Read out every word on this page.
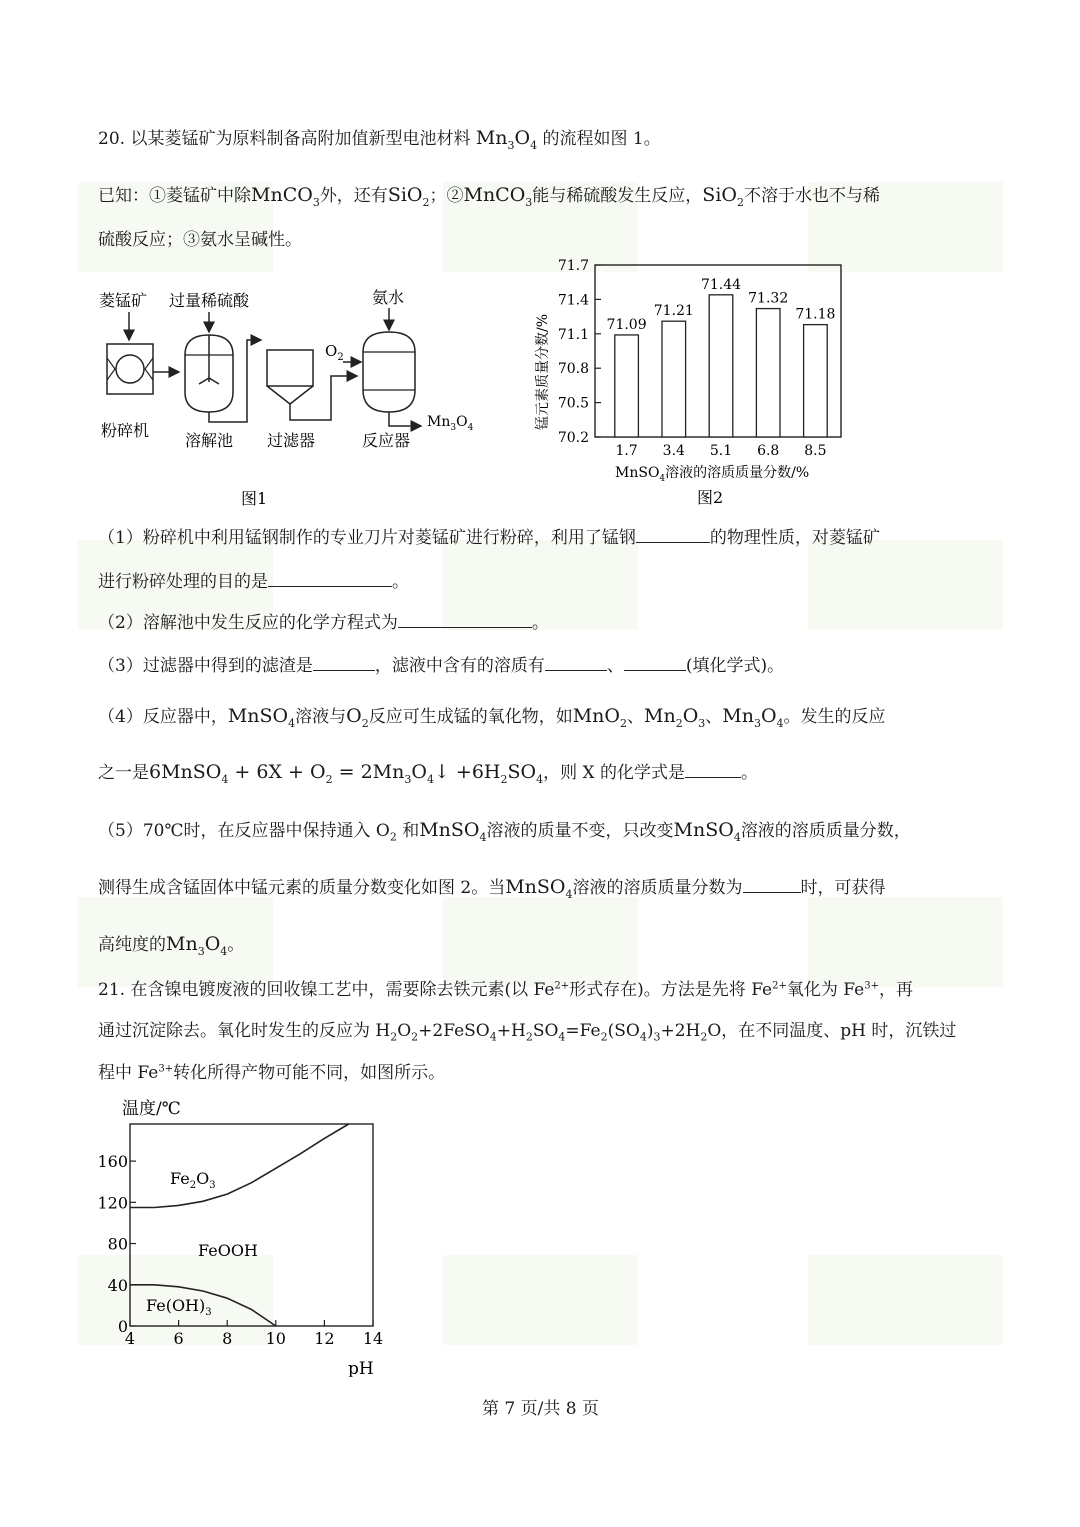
20. 以某菱锰矿为原料制备高附加值新型电池材料 $Mn_3O_4$ 的流程如图 1。
已知：①菱锰矿中除MnCO$_3$外，还有SiO$_2$；②MnCO$_3$能与稀硫酸发生反应，SiO$_2$不溶于水也不与稀
硫酸反应；③氨水呈碱性。
菱锰矿 过量稀硫酸	氨水
$O_2$
$Mn_3O_4$
粉碎机
溶解池 过滤器	反应器
图1
锰元素质量分数/%
70.2
70.5
70.8
71.1
71.4
71.7
71.09
1.7
71.21
3.4
71.44
5.1
71.32
6.8
71.18
8.5
MnSO$_4$溶液的溶质质量分数/%
图2
（1）粉碎机中利用锰钢制作的专业刀片对菱锰矿进行粉碎，利用了锰钢	的物理性质，对菱锰矿
进行粉碎处理的目的是	。
（2）溶解池中发生反应的化学方程式为	。
（3）过滤器中得到的滤渣是	，滤液中含有的溶质有	、	(填化学式)。
（4）反应器中，MnSO$_4$溶液与$O_2$反应可生成锰的氧化物，如MnO$_2$、$Mn_2O_3$、$Mn_3O_4$。发生的反应
之一是6MnSO$_4$ + $6X + O_2$ = $2Mn_3O_4↓ +6H_2SO_4$，则 X 的化学式是	。
（5）70℃时，在反应器中保持通入 $O_2$ 和MnSO$_4$溶液的质量不变，只改变MnSO$_4$溶液的溶质质量分数，
测得生成含锰固体中锰元素的质量分数变化如图 2。当MnSO$_4$溶液的溶质质量分数为	时，可获得
高纯度的$Mn_3O_4$。
21. 在含镍电镀废液的回收镍工艺中，需要除去铁元素(以 $Fe^{2+}$形式存在)。方法是先将 $Fe^{2+}$氧化为 $Fe^{3+}$，再
通过沉淀除去。氧化时发生的反应为 $H_2O_2+2FeSO_4+H_2SO_4=Fe_2(SO_4)_3+2H_2O$，在不同温度、pH 时，沉铁过
程中 $Fe^{3+}$转化所得产物可能不同，如图所示。
温度/℃
0
40
80
120
160
4 6 8 10 12 14
$Fe_2O_3$
FeOOH
$Fe(OH)_3$
pH
第 7 页/共 8 页
